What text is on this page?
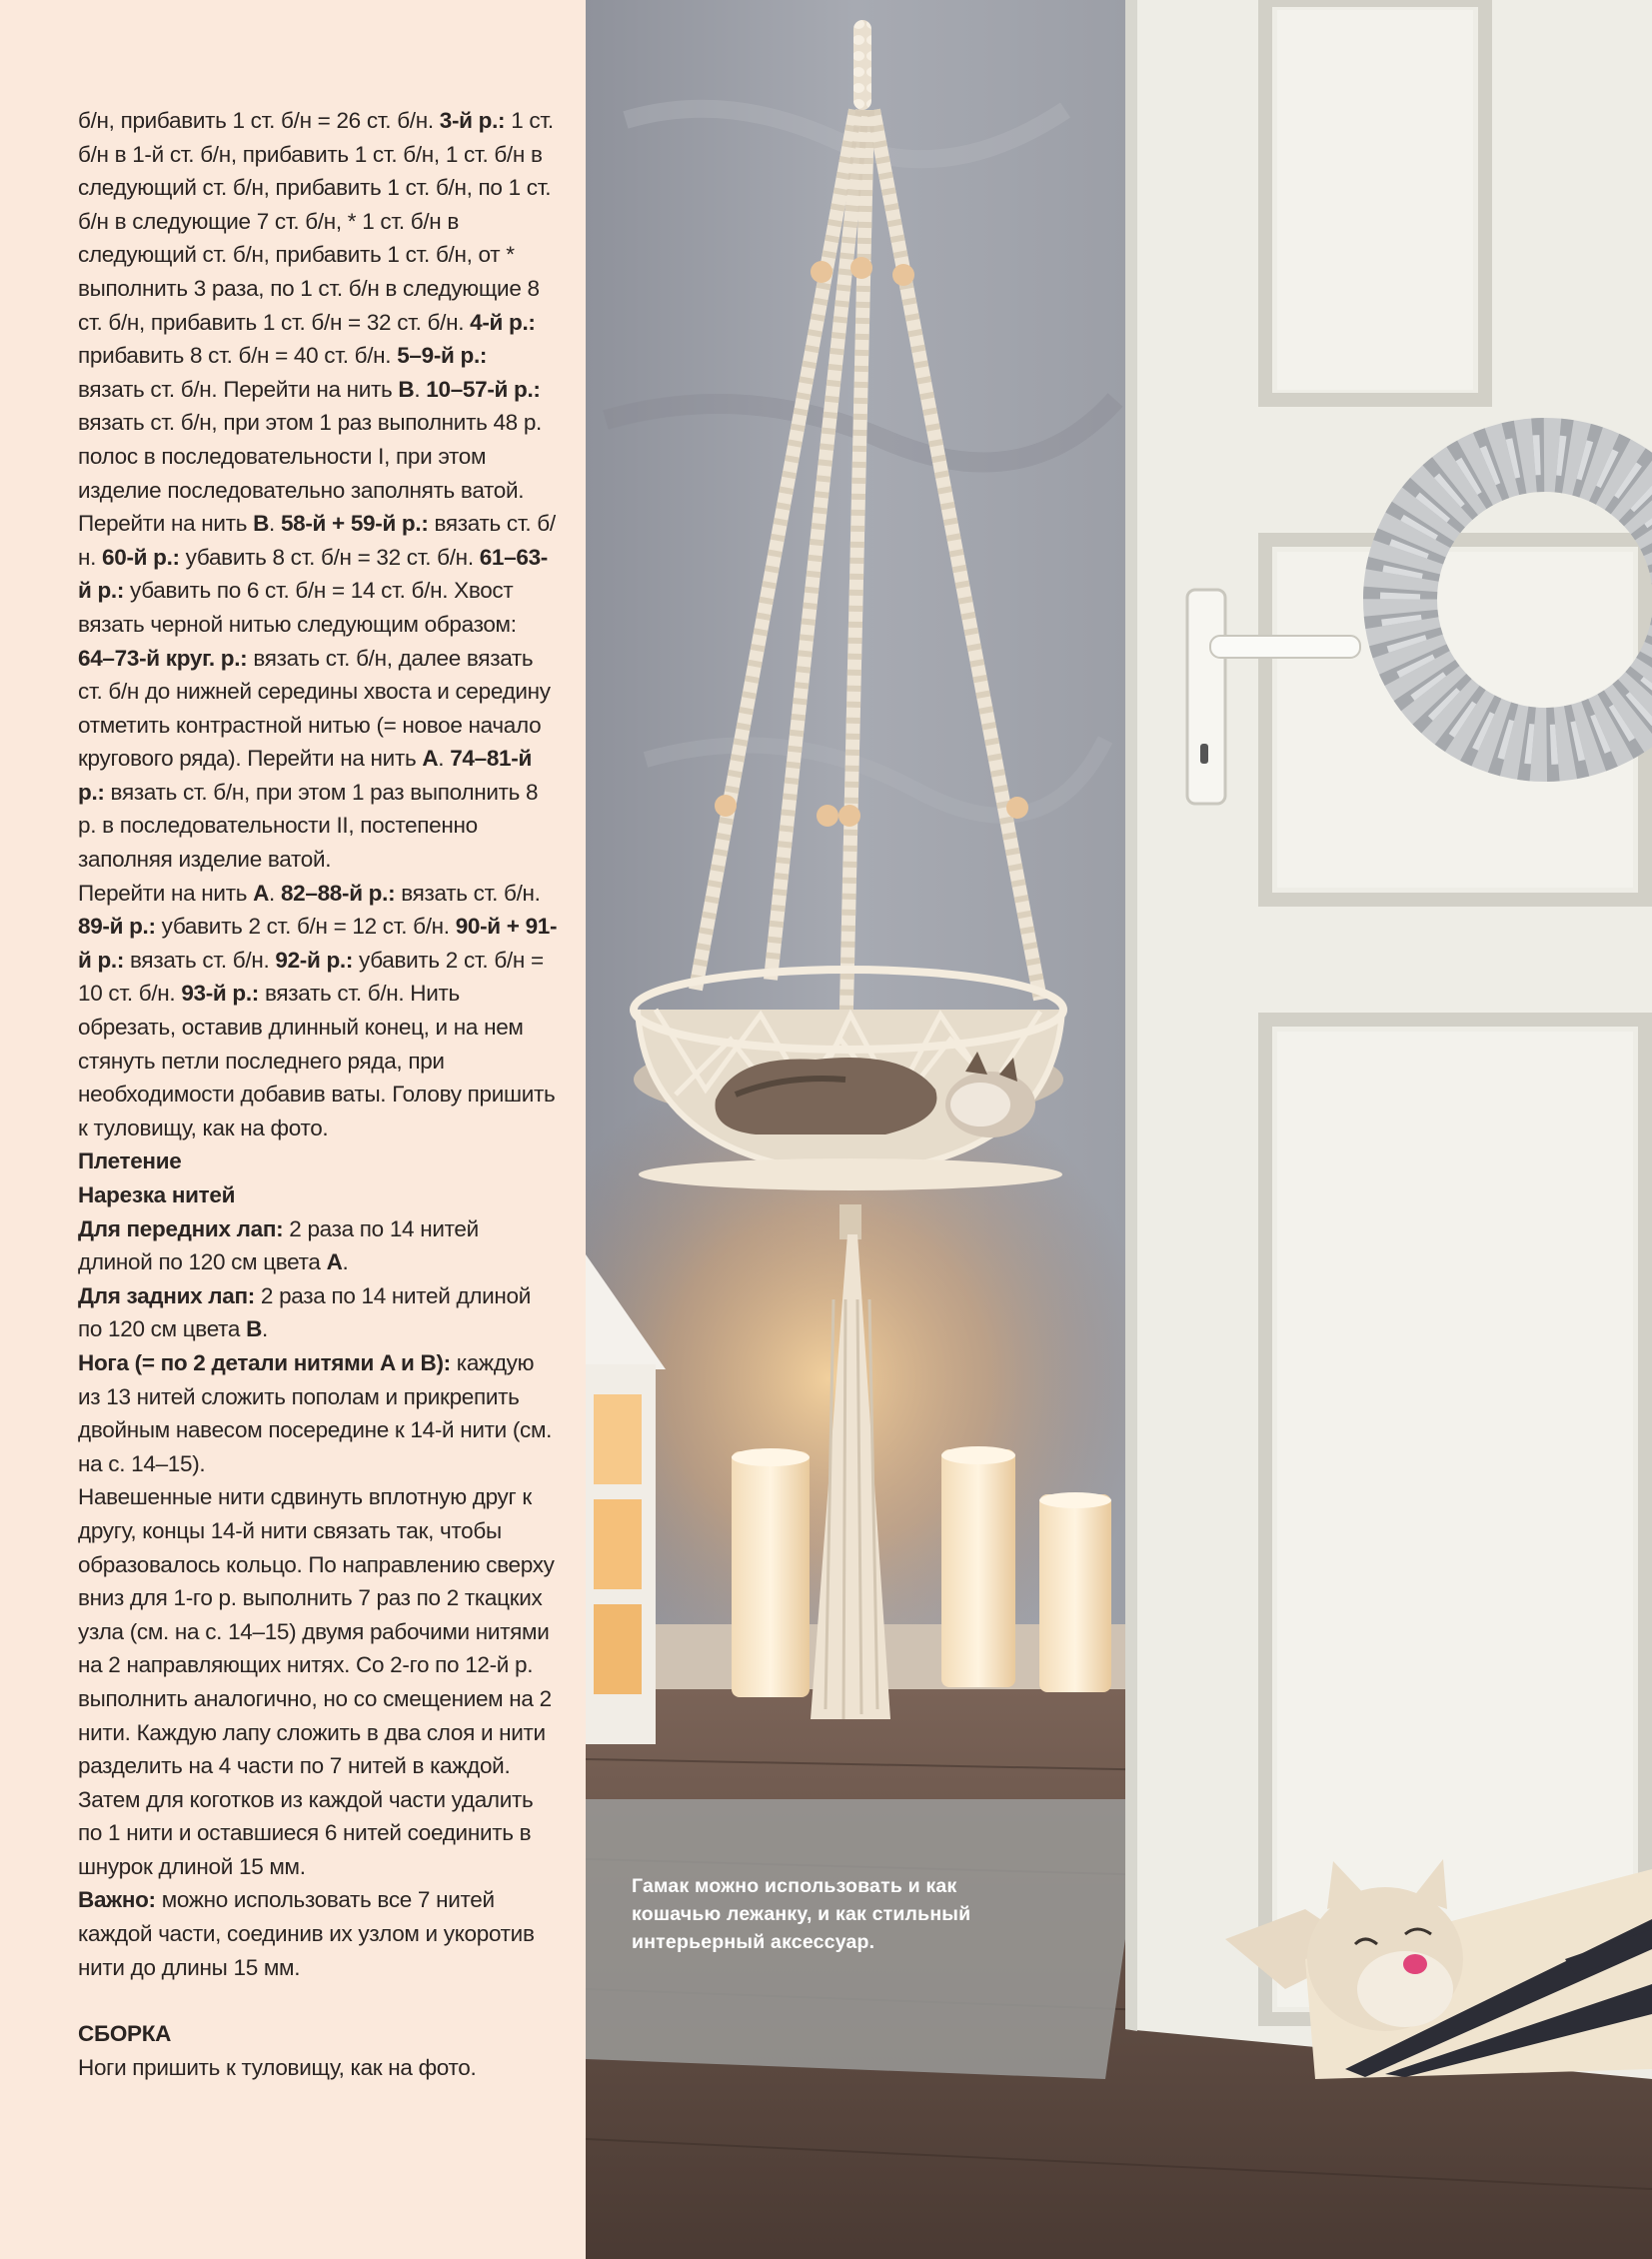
б/н, прибавить 1 ст. б/н = 26 ст. б/н. 3-й р.: 1 ст. б/н в 1-й ст. б/н, прибавить 1 ст. б/н, 1 ст. б/н в следующий ст. б/н, прибавить 1 ст. б/н, по 1 ст. б/н в следующие 7 ст. б/н, * 1 ст. б/н в следующий ст. б/н, прибавить 1 ст. б/н, от * выполнить 3 раза, по 1 ст. б/н в следующие 8 ст. б/н, прибавить 1 ст. б/н = 32 ст. б/н. 4-й р.: прибавить 8 ст. б/н = 40 ст. б/н. 5–9-й р.: вязать ст. б/н. Перейти на нить B. 10–57-й р.: вязать ст. б/н, при этом 1 раз выполнить 48 р. полос в последовательности I, при этом изделие последовательно заполнять ватой. Перейти на нить B. 58-й + 59-й р.: вязать ст. б/н. 60-й р.: убавить 8 ст. б/н = 32 ст. б/н. 61–63-й р.: убавить по 6 ст. б/н = 14 ст. б/н. Хвост вязать черной нитью следующим образом: 64–73-й круг. р.: вязать ст. б/н, далее вязать ст. б/н до нижней середины хвоста и середину отметить контрастной нитью (= новое начало кругового ряда). Перейти на нить A. 74–81-й р.: вязать ст. б/н, при этом 1 раз выполнить 8 р. в последовательности II, постепенно заполняя изделие ватой.

Перейти на нить A. 82–88-й р.: вязать ст. б/н. 89-й р.: убавить 2 ст. б/н = 12 ст. б/н. 90-й + 91-й р.: вязать ст. б/н. 92-й р.: убавить 2 ст. б/н = 10 ст. б/н. 93-й р.: вязать ст. б/н. Нить обрезать, оставив длинный конец, и на нем стянуть петли последнего ряда, при необходимости добавив ваты. Голову пришить к туловищу, как на фото.

Плетение

Нарезка нитей

Для передних лап: 2 раза по 14 нитей длиной по 120 см цвета A.

Для задних лап: 2 раза по 14 нитей длиной по 120 см цвета B.

Нога (= по 2 детали нитями A и B): каждую из 13 нитей сложить пополам и прикрепить двойным навесом посередине к 14-й нити (см. на с. 14–15).

Навешенные нити сдвинуть вплотную друг к другу, концы 14-й нити связать так, чтобы образовалось кольцо. По направлению сверху вниз для 1-го р. выполнить 7 раз по 2 ткацких узла (см. на с. 14–15) двумя рабочими нитями на 2 направляющих нитях. Со 2-го по 12-й р. выполнить аналогично, но со смещением на 2 нити. Каждую лапу сложить в два слоя и нити разделить на 4 части по 7 нитей в каждой. Затем для коготков из каждой части удалить по 1 нити и оставшиеся 6 нитей соединить в шнурок длиной 15 мм.

Важно: можно использовать все 7 нитей каждой части, соединив их узлом и укоротив нити до длины 15 мм.

СБОРКА

Ноги пришить к туловищу, как на фото.

Гамак можно использовать и как кошачью лежанку, и как стильный интерьерный аксессуар.
